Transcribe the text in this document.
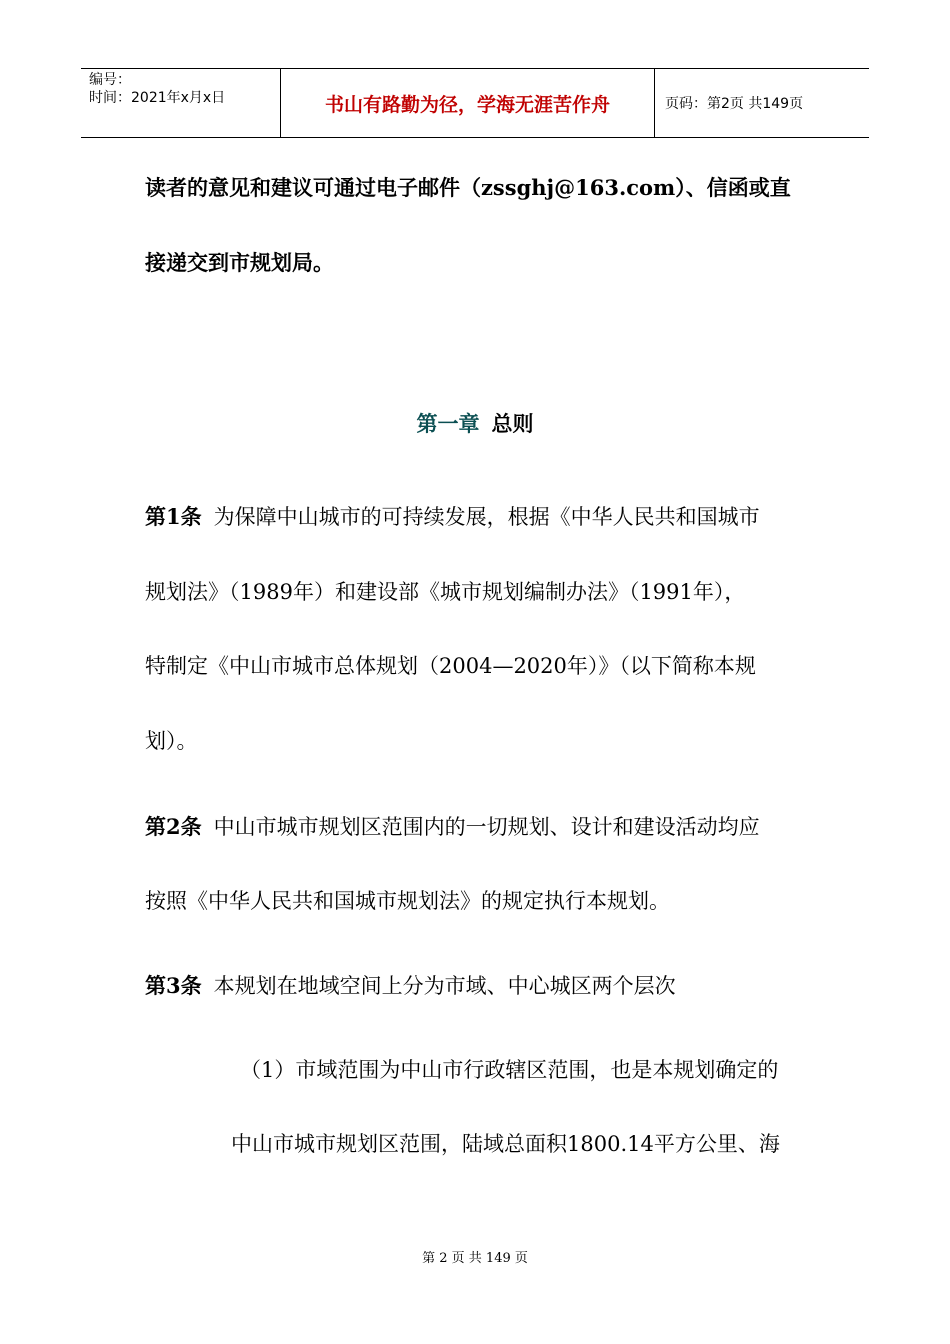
编号：
时间：2021年x月x日	书山有路勤为径，学海无涯苦作舟	页码：第2页 共149页
读者的意见和建议可通过电子邮件（zssghj@163.com）、信函或直
接递交到市规划局。
第一章 总则
第1条 为保障中山城市的可持续发展，根据《中华人民共和国城市
规划法》（1989年）和建设部《城市规划编制办法》（1991年），
特制定《中山市城市总体规划（2004—2020年）》（以下简称本规
划）。
第2条 中山市城市规划区范围内的一切规划、设计和建设活动均应
按照《中华人民共和国城市规划法》的规定执行本规划。
第3条 本规划在地域空间上分为市域、中心城区两个层次
（1）市域范围为中山市行政辖区范围，也是本规划确定的
中山市城市规划区范围，陆域总面积1800.14平方公里、海
第 2 页 共 149 页
